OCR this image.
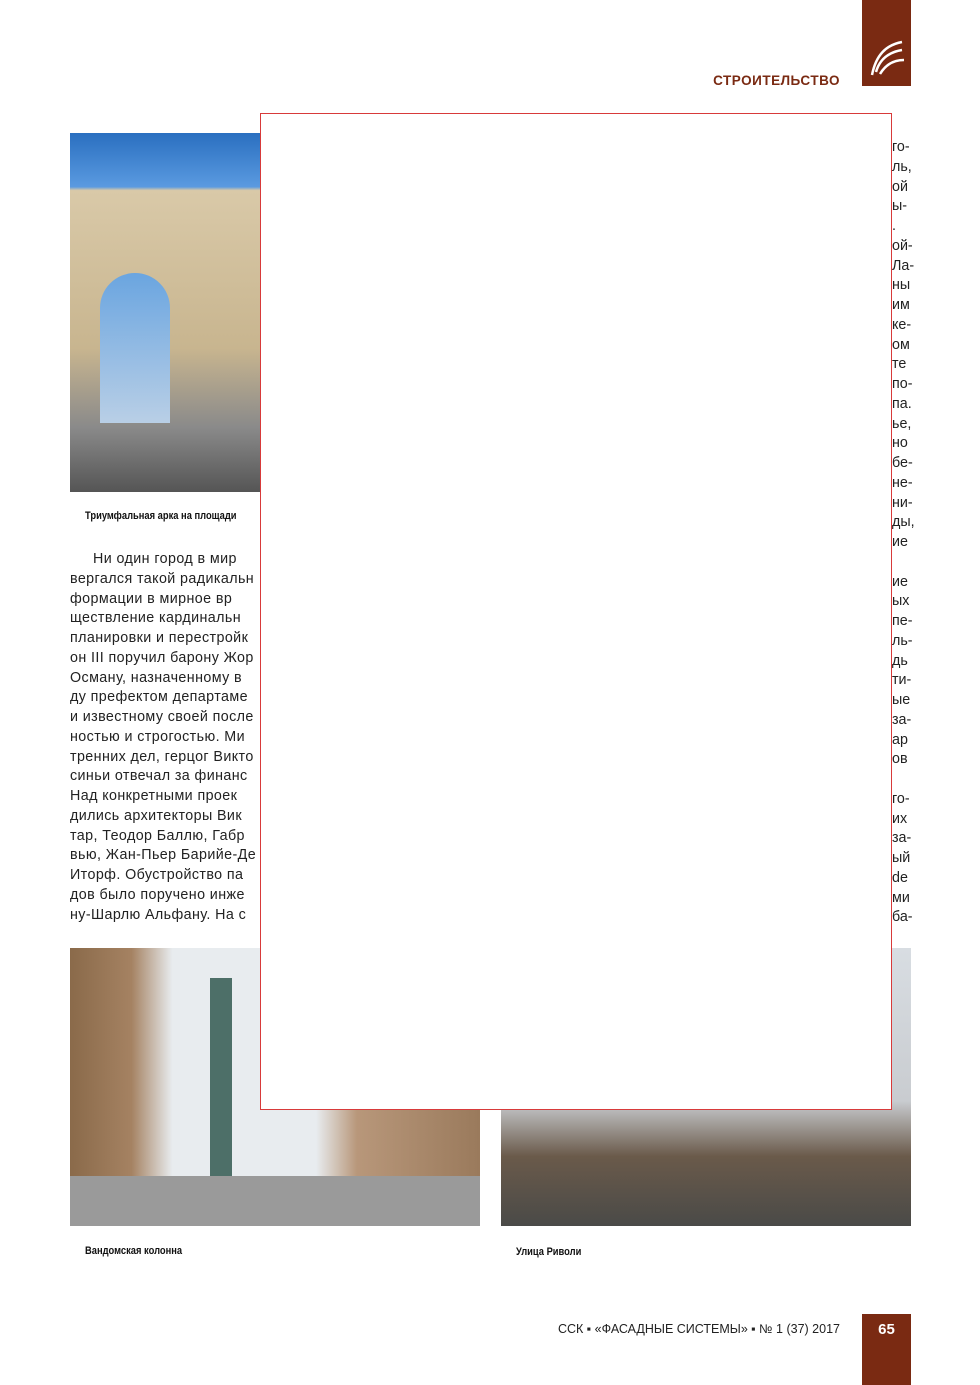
СТРОИТЕЛЬСТВО
Триумфальная арка на площади
Ни один город в мир
вергался такой радикальн
формации в мирное вр
ществление кардинальн
планировки и перестройк
он III поручил барону Жор
Осману, назначенному в
ду префектом департаме
и известному своей после
ностью и строгостью. Ми
тренних дел, герцог Викто
синьи отвечал за финанс
Над конкретными проек
дились архитекторы Вик
тар, Теодор Баллю, Габр
вью, Жан-Пьер Барийе-Де
Иторф. Обустройство па
дов было поручено инже
ну-Шарлю Альфану. На с
го-
ль,
ой
ы-
.
ой-
Ла-
ны
им
ке-
ом
те
по-
па.
ье,
но
бе-
не-
ни-
ды,
ие

ие
ых
пе-
ль-
дь
ти-
ые
за-
ар
ов

го-
их
за-
ый
de
ми
ба-
Вандомская колонна	Улица Риволи
ССК ▪ «ФАСАДНЫЕ СИСТЕМЫ» ▪ № 1 (37) 2017	65
